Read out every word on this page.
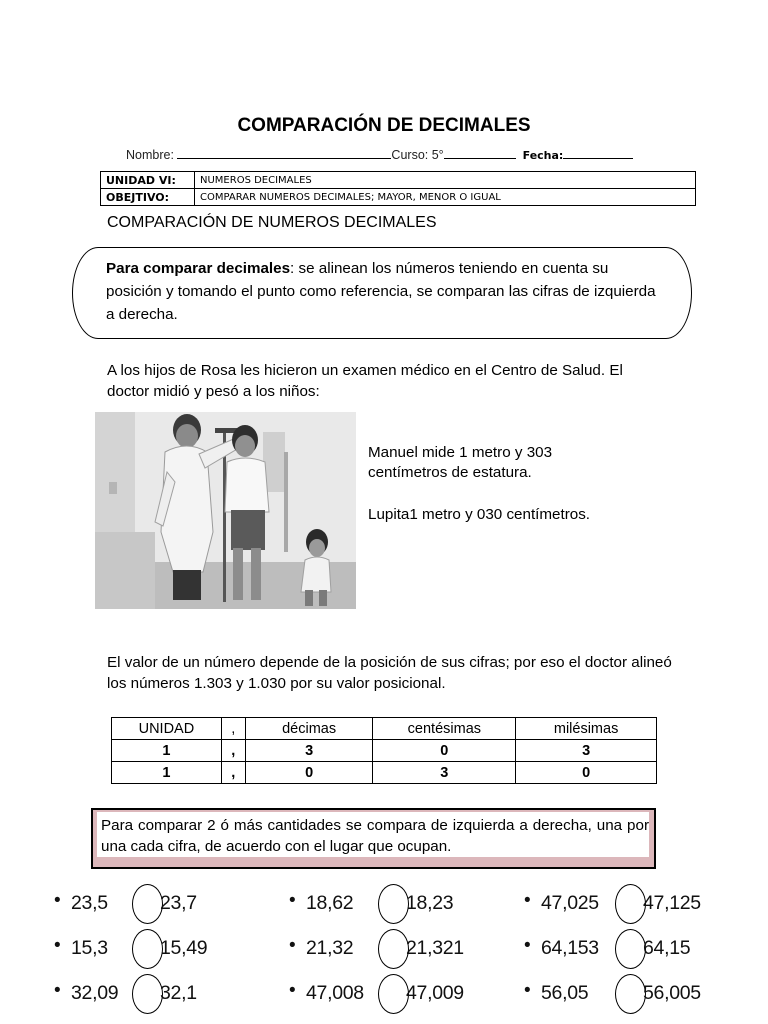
COMPARACIÓN DE DECIMALES
Nombre:	Curso: 5°	Fecha:
UNIDAD VI:	NUMEROS DECIMALES
OBEJTIVO:	COMPARAR NUMEROS DECIMALES; MAYOR, MENOR O IGUAL
COMPARACIÓN DE NUMEROS DECIMALES
Para comparar decimales: se alinean los números teniendo en cuenta su posición y tomando el punto como referencia, se comparan las cifras de izquierda a derecha.
A los hijos de Rosa les hicieron un examen médico en el Centro de Salud. El doctor midió y pesó a los niños:
Manuel mide 1 metro y 303 centímetros de estatura.
Lupita1 metro y 030 centímetros.
El valor de un número depende de la posición de sus cifras; por eso el doctor alineó los números 1.303 y 1.030 por su valor posicional.
UNIDAD	,	décimas	centésimas	milésimas
1	,	3	0	3
1	,	0	3	0
Para comparar 2 ó más cantidades se compara de izquierda a derecha, una por una cada cifra, de acuerdo con el lugar que ocupan.
• 23,5	23,7	• 18,62	18,23	• 47,025 47,125
• 15,3	15,49	• 21,32	21,321	• 64,153 64,15
• 32,09 32,1	• 47,008 47,009	• 56,05	56,005
